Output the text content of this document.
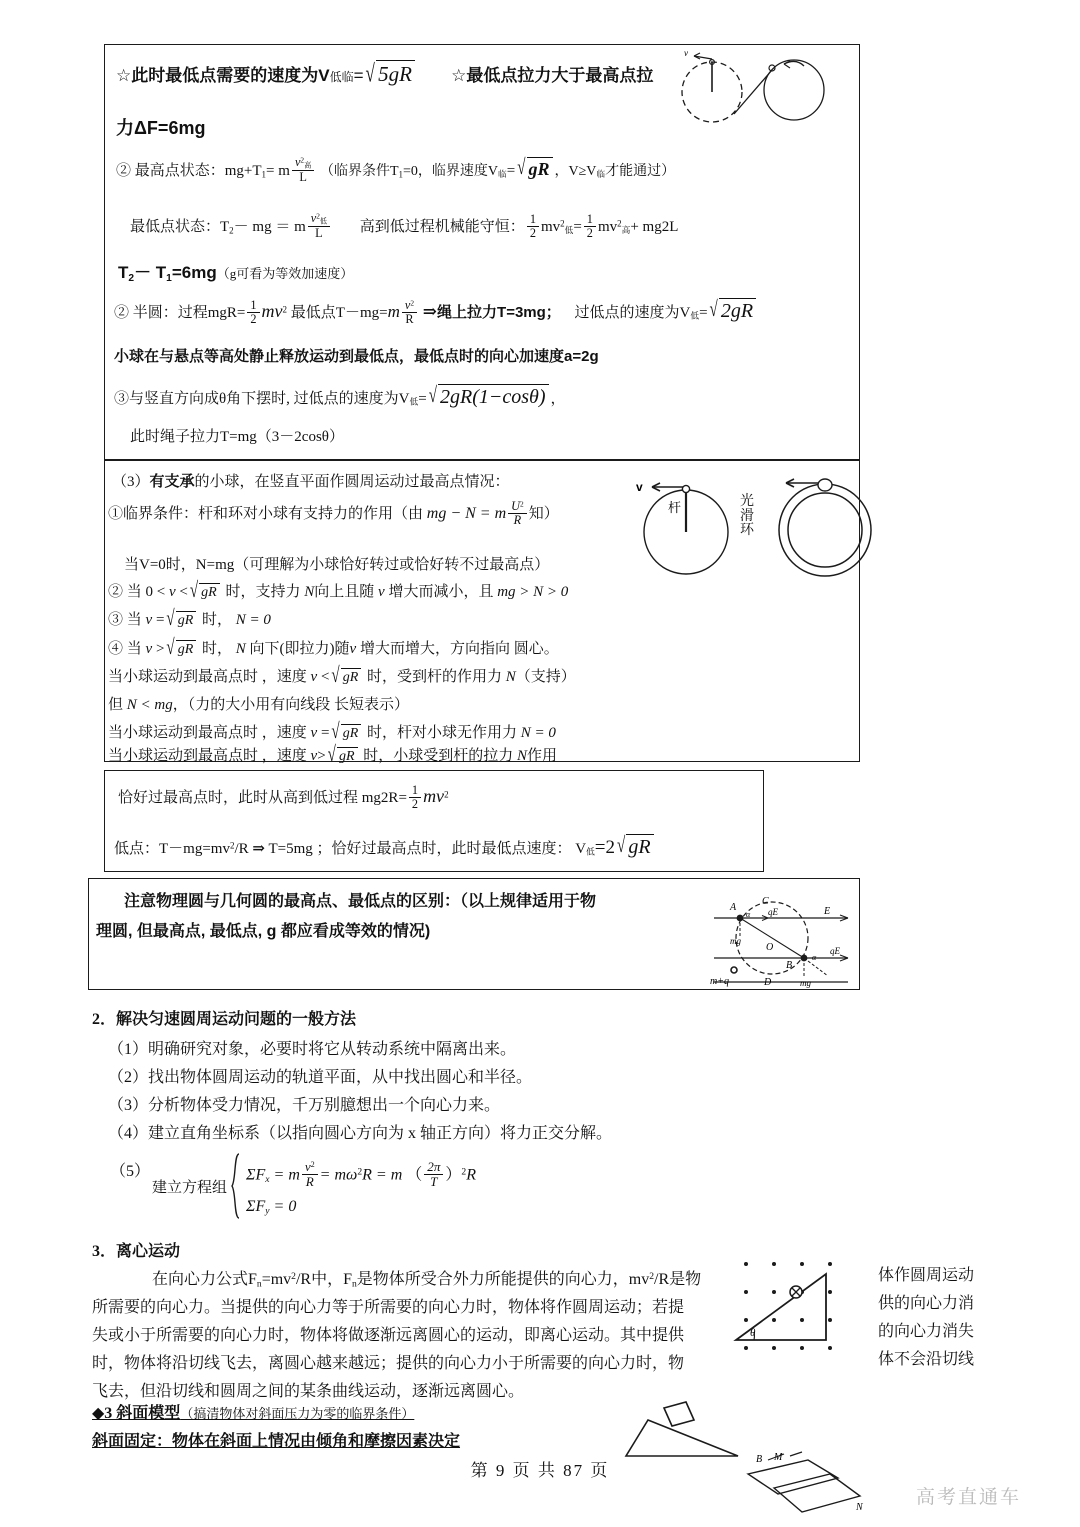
☆此时最低点需要的速度为V低临= √ 5gR ☆最低点拉力大于最高点拉
力ΔF=6mg
② 最高点状态：$mg+T_1= m \frac{v^2高}{L}$ （临界条件$T_1=0$，临界速度V临= √ gR ，V≥V临才能通过）
最低点状态：$T_2-$ mg ＝ m $\frac{v^2低}{L}$ 高到低过程机械能守恒： $\frac{1}{2} mv^2$低= $\frac{1}{2} mv^2$高+ mg2L
$T_2- T_1=6mg(g$可看为等效加速度）
② 半圆：过程$mgR= \frac{1}{2} mv^2$ 最低点$T-mg=m \frac{v^2}{R}$ ⇒绳上拉力T=3mg； 过低点的速度为V低= √ 2gR
小球在与悬点等高处静止释放运动到最低点，最低点时的向心加速度a=2g
③与竖直方向成θ角下摆时, 过低点的速度为V低= √ 2gR(1−cosθ) ，
此时绳子拉力T=mg（3－2cosθ）
v
（3）有支承的小球，在竖直平面作圆周运动过最高点情况：
①临界条件：杆和环对小球有支持力的作用（由 mg − N = m $\frac{U^2}{R}$ 知）
当V=0时，N=mg（可理解为小球恰好转过或恰好转不过最高点）
② 当 0 < v < √ gR 时，支持力 N向上且随 v 增大而减小，且 mg > N > 0
③ 当 v = √ gR 时， N = 0
④ 当 v > √ gR 时， N 向下(即拉力)随v 增大而增大，方向指向 圆心。
当小球运动到最高点时 ，速度 v < √ gR 时，受到杆的作用力 N（支持）
但 N < mg，（力的大小用有向线段 长短表示）
当小球运动到最高点时 ，速度 v = √ gR 时，杆对小球无作用力 N = 0
当小球运动到最高点时 ，速度 v> √ gR 时，小球受到杆的拉力 N作用
v
杆	光滑环
恰好过最高点时，此时从高到低过程 $mg2R= \frac{1}{2} mv^2$
低点：$T-mg=mv^2/R$ ⇒ T=5mg ；恰好过最高点时，此时最低点速度： V低=2 √ gR
注意物理圆与几何圆的最高点、最低点的区别：（以上规律适用于物
理圆, 但最高点, 最低点, g 都应看成等效的情况)
A
C
B
D
E
O
qE
qE
mg
mg
α
α
m+q
2．解决匀速圆周运动问题的一般方法
（1）明确研究对象，必要时将它从转动系统中隔离出来。
（2）找出物体圆周运动的轨道平面，从中找出圆心和半径。
（3）分析物体受力情况，千万别臆想出一个向心力来。
（4）建立直角坐标系（以指向圆心方向为 x 轴正方向）将力正交分解。
（5）
建立方程组
$\Sigma F_x = m \frac{v^2}{R} = m\omega^2R = m$ （ $\frac{2\pi}{T} )^2R$
$\Sigma F_y = 0$
3．离心运动
在向心力公式$F_n=mv^2/R$中，$F_n$是物体所受合外力所能提供的向心力，$mv^2/R$是物
所需要的向心力。当提供的向心力等于所需要的向心力时，物体将作圆周运动；若提
失或小于所需要的向心力时，物体将做逐渐远离圆心的运动，即离心运动。其中提供
时，物体将沿切线飞去，离圆心越来越远；提供的向心力小于所需要的向心力时，物
飞去，但沿切线和圆周之间的某条曲线运动，逐渐远离圆心。
体作圆周运动
供的向心力消
的向心力消失
体不会沿切线
θ
◆3 斜面模型（搞清物体对斜面压力为零的临界条件）
斜面固定：物体在斜面上情况由倾角和摩擦因素决定
B M
N
第 9 页 共 87 页
高考直通车
